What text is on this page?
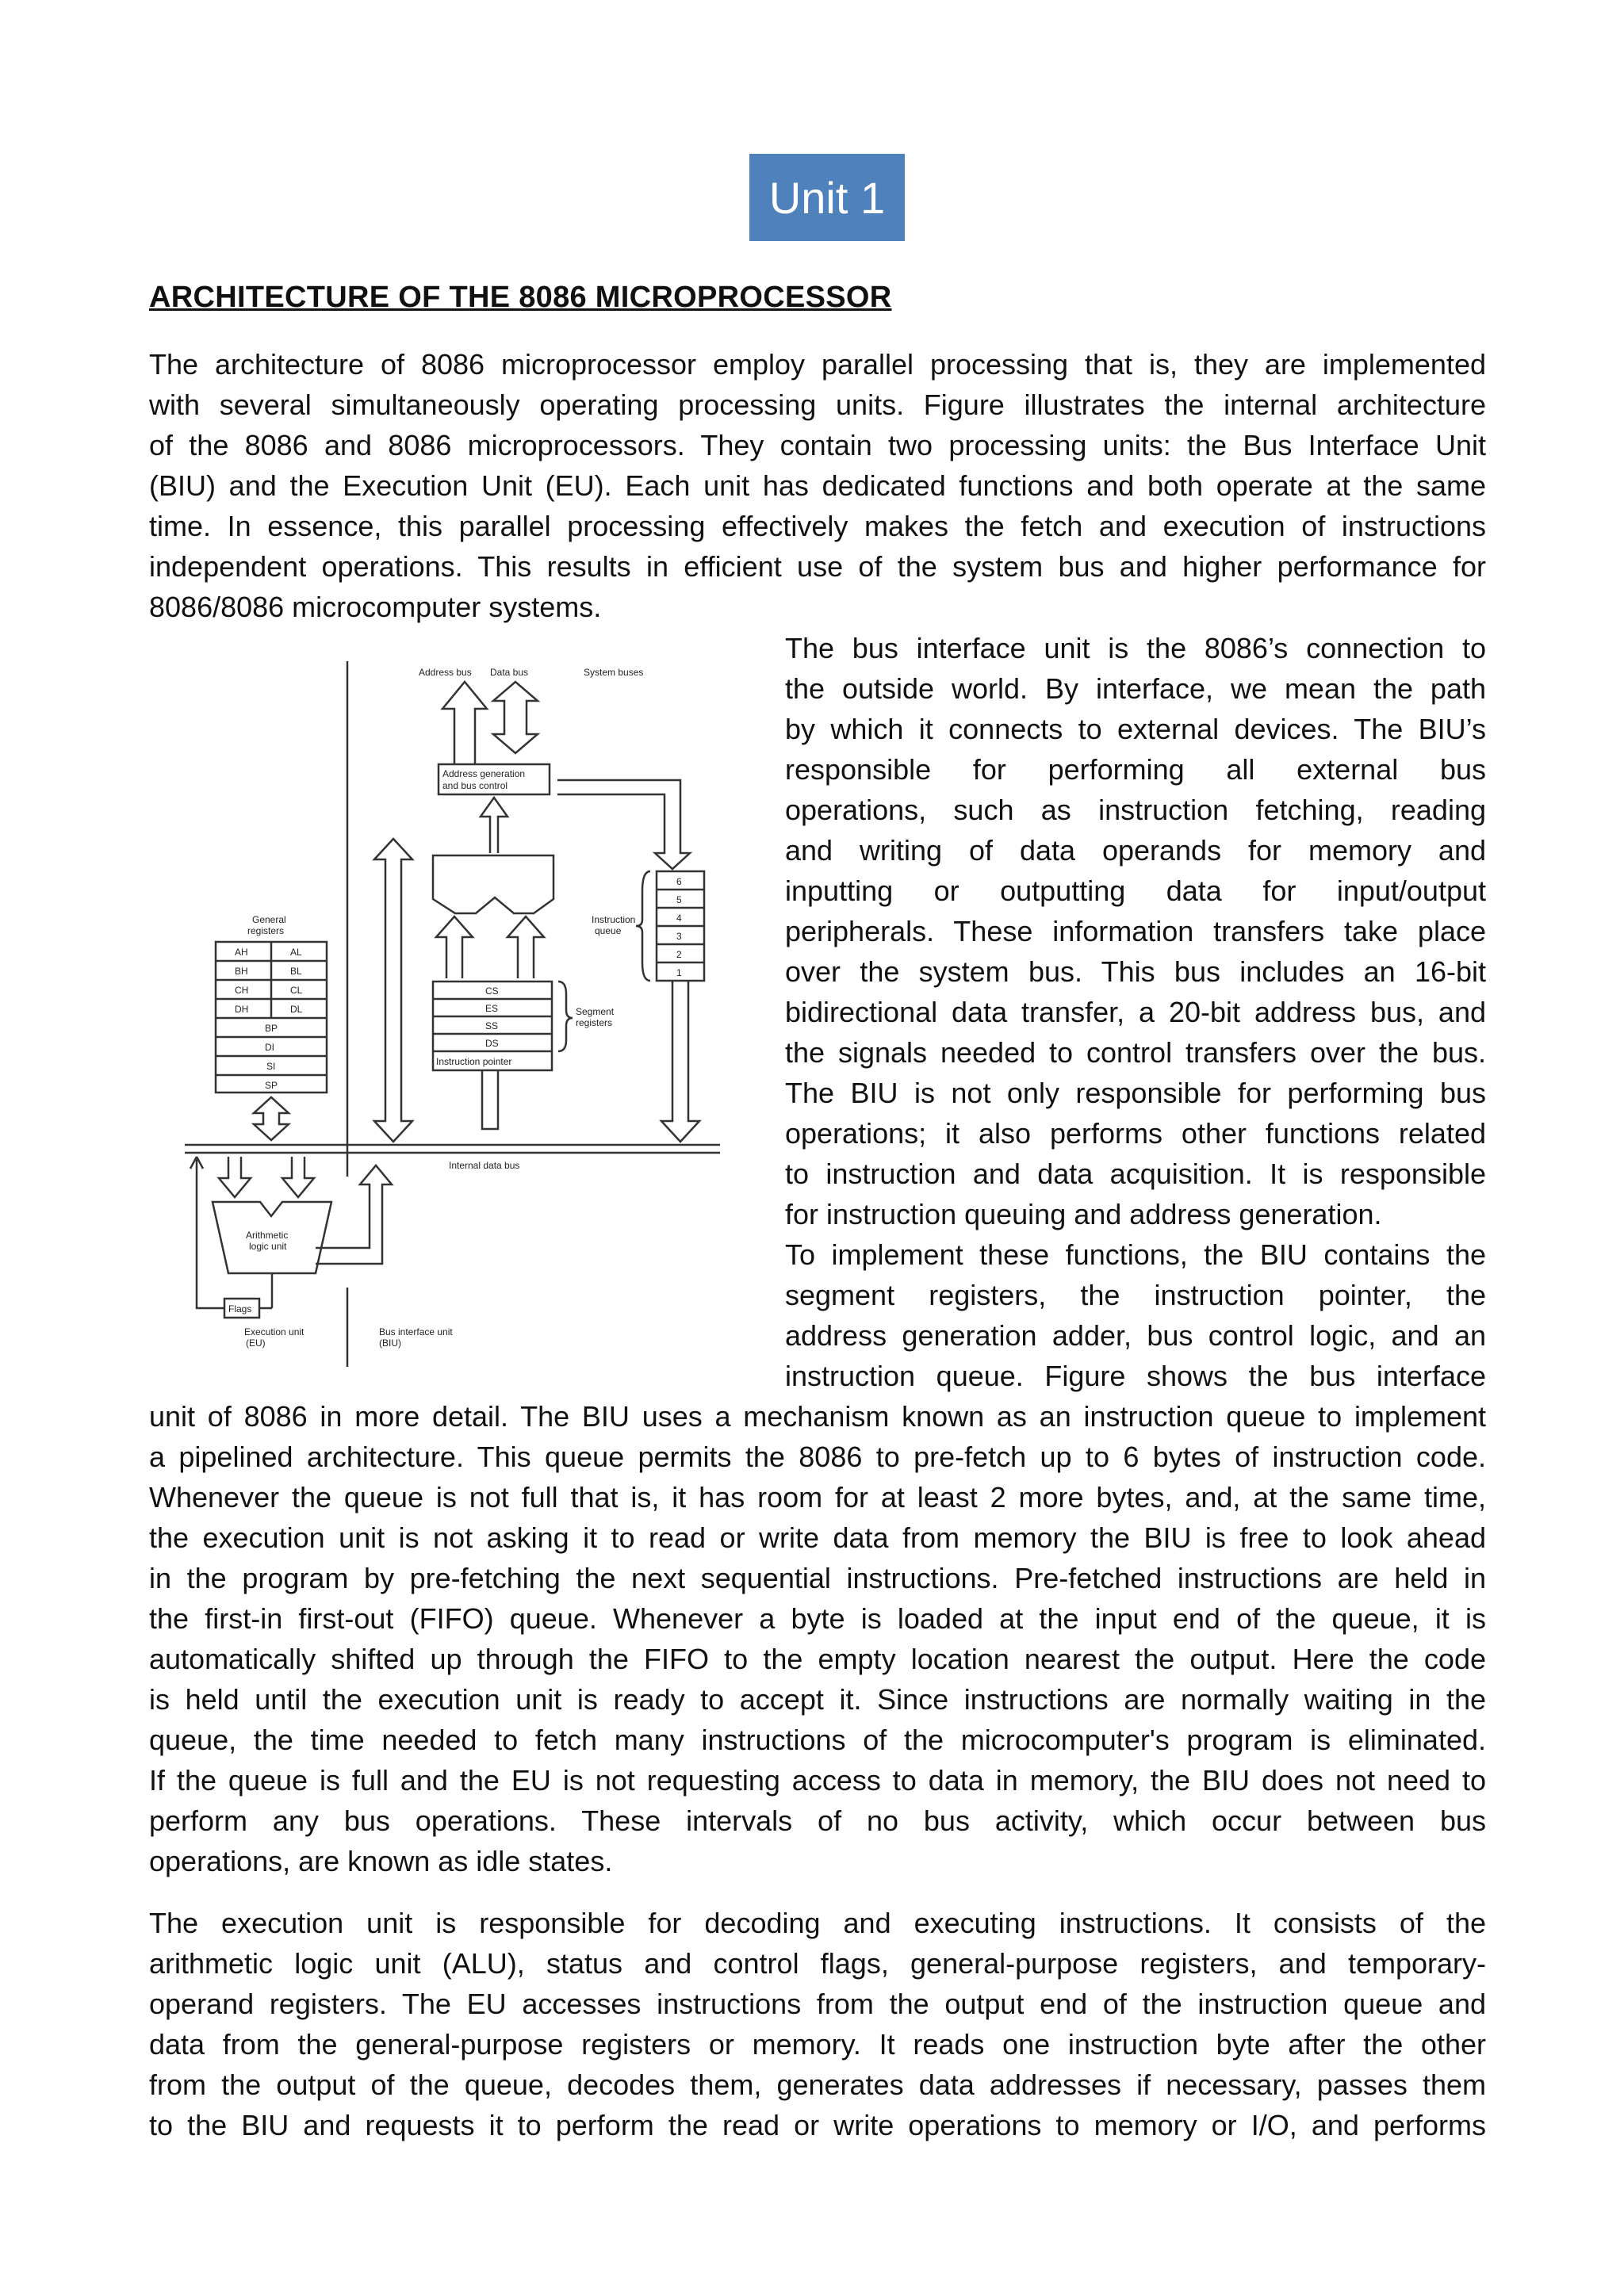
Unit 1
ARCHITECTURE OF THE 8086 MICROPROCESSOR
The architecture of 8086 microprocessor employ parallel processing that is, they are implemented
with several simultaneously operating processing units. Figure illustrates the internal architecture
of the 8086 and 8086 microprocessors. They contain two processing units: the Bus Interface Unit
(BIU) and the Execution Unit (EU). Each unit has dedicated functions and both operate at the same
time. In essence, this parallel processing effectively makes the fetch and execution of instructions
independent operations. This results in efficient use of the system bus and higher performance for
8086/8086 microcomputer systems.
The bus interface unit is the 8086’s connection to
the outside world. By interface, we mean the path
by which it connects to external devices. The BIU’s
responsible for performing all external bus
operations, such as instruction fetching, reading
and writing of data operands for memory and
inputting or outputting data for input/output
peripherals. These information transfers take place
over the system bus. This bus includes an 16-bit
bidirectional data transfer, a 20-bit address bus, and
the signals needed to control transfers over the bus.
The BIU is not only responsible for performing bus
operations; it also performs other functions related
to instruction and data acquisition. It is responsible
for instruction queuing and address generation.
To implement these functions, the BIU contains the
segment registers, the instruction pointer, the
address generation adder, bus control logic, and an
instruction queue. Figure shows the bus interface
unit of 8086 in more detail. The BIU uses a mechanism known as an instruction queue to implement
a pipelined architecture. This queue permits the 8086 to pre-fetch up to 6 bytes of instruction code.
Whenever the queue is not full that is, it has room for at least 2 more bytes, and, at the same time,
the execution unit is not asking it to read or write data from memory the BIU is free to look ahead
in the program by pre-fetching the next sequential instructions. Pre-fetched instructions are held in
the first-in first-out (FIFO) queue. Whenever a byte is loaded at the input end of the queue, it is
automatically shifted up through the FIFO to the empty location nearest the output. Here the code
is held until the execution unit is ready to accept it. Since instructions are normally waiting in the
queue, the time needed to fetch many instructions of the microcomputer's program is eliminated.
If the queue is full and the EU is not requesting access to data in memory, the BIU does not need to
perform any bus operations. These intervals of no bus activity, which occur between bus
operations, are known as idle states.
The execution unit is responsible for decoding and executing instructions. It consists of the
arithmetic logic unit (ALU), status and control flags, general-purpose registers, and temporary-
operand registers. The EU accesses instructions from the output end of the instruction queue and
data from the general-purpose registers or memory. It reads one instruction byte after the other
from the output of the queue, decodes them, generates data addresses if necessary, passes them
to the BIU and requests it to perform the read or write operations to memory or I/O, and performs
Address bus Data bus	System buses
Address generation
and bus control
General
registers
AH	AL
BH	BL
CH	CL
DH	DL
BP
DI
SI
SP
6
5
4
3
2
1
Instruction
queue
CS
ES
SS
DS
Instruction pointer
Segment
registers
Internal data bus
Arithmetic
logic unit
Flags
Execution unit
(EU)
Bus interface unit
(BIU)
